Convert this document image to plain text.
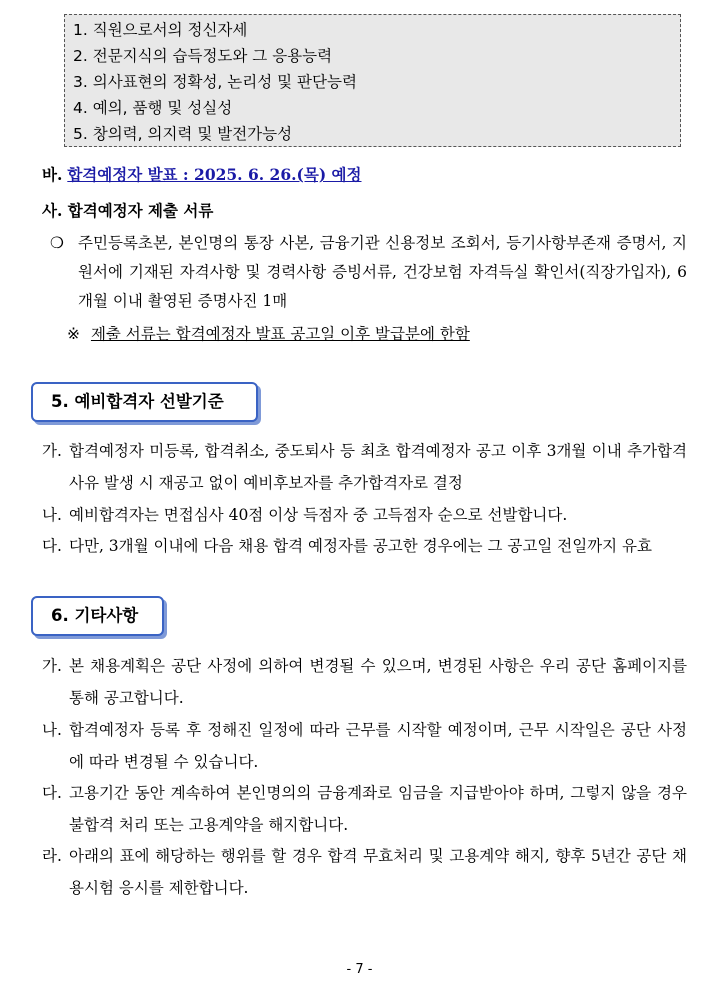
1. 직원으로서의 정신자세
2. 전문지식의 습득정도와 그 응용능력
3. 의사표현의 정확성, 논리성 및 판단능력
4. 예의, 품행 및 성실성
5. 창의력, 의지력 및 발전가능성
바. 합격예정자 발표 : 2025. 6. 26.(목) 예정
사. 합격예정자 제출 서류
❍ 주민등록초본, 본인명의 통장 사본, 금융기관 신용정보 조회서, 등기사항부존재 증명서, 지원서에 기재된 자격사항 및 경력사항 증빙서류, 건강보험 자격득실 확인서(직장가입자), 6개월 이내 촬영된 증명사진 1매
※ 제출 서류는 합격예정자 발표 공고일 이후 발급분에 한함
5. 예비합격자 선발기준
가. 합격예정자 미등록, 합격취소, 중도퇴사 등 최초 합격예정자 공고 이후 3개월 이내 추가합격 사유 발생 시 재공고 없이 예비후보자를 추가합격자로 결정
나. 예비합격자는 면접심사 40점 이상 득점자 중 고득점자 순으로 선발합니다.
다. 다만, 3개월 이내에 다음 채용 합격 예정자를 공고한 경우에는 그 공고일 전일까지 유효
6. 기타사항
가. 본 채용계획은 공단 사정에 의하여 변경될 수 있으며, 변경된 사항은 우리 공단 홈페이지를 통해 공고합니다.
나. 합격예정자 등록 후 정해진 일정에 따라 근무를 시작할 예정이며, 근무 시작일은 공단 사정에 따라 변경될 수 있습니다.
다. 고용기간 동안 계속하여 본인명의의 금융계좌로 임금을 지급받아야 하며, 그렇지 않을 경우 불합격 처리 또는 고용계약을 해지합니다.
라. 아래의 표에 해당하는 행위를 할 경우 합격 무효처리 및 고용계약 해지, 향후 5년간 공단 채용시험 응시를 제한합니다.
- 7 -
